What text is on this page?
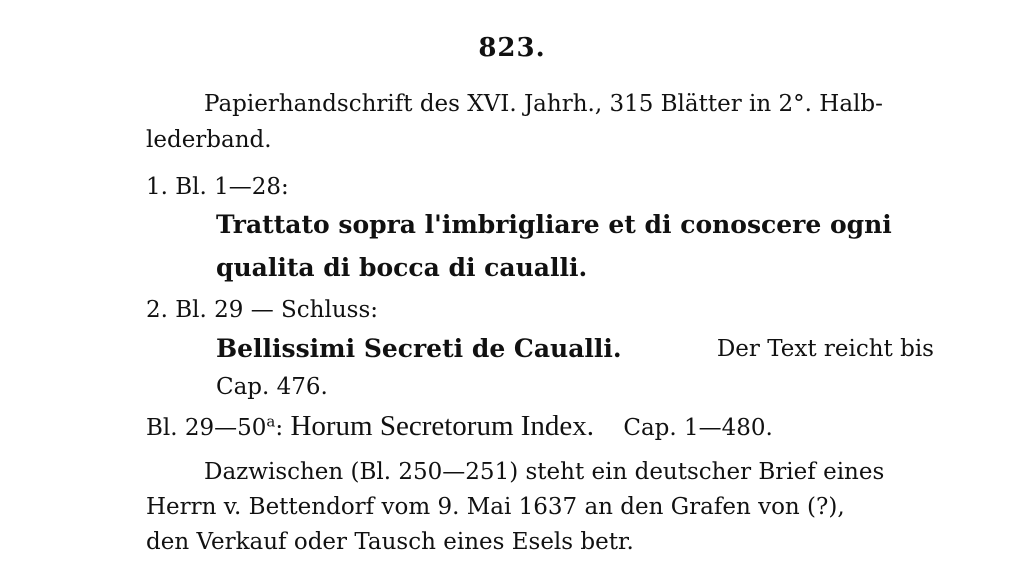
823.
Papierhandschrift des XVI. Jahrh., 315 Blätter in 2°. Halb-
lederband.
1. Bl. 1—28:
Trattato sopra l'imbrigliare et di conoscere ogni
qualita di bocca di caualli.
2. Bl. 29 — Schluss:
Bellissimi Secreti de Caualli.	Der Text reicht bis
Cap. 476.
Bl. 29—50$^a$: Horum Secretorum Index. Cap. 1—480.
Dazwischen (Bl. 250—251) steht ein deutscher Brief eines
Herrn v. Bettendorf vom 9. Mai 1637 an den Grafen von (?),
den Verkauf oder Tausch eines Esels betr.
